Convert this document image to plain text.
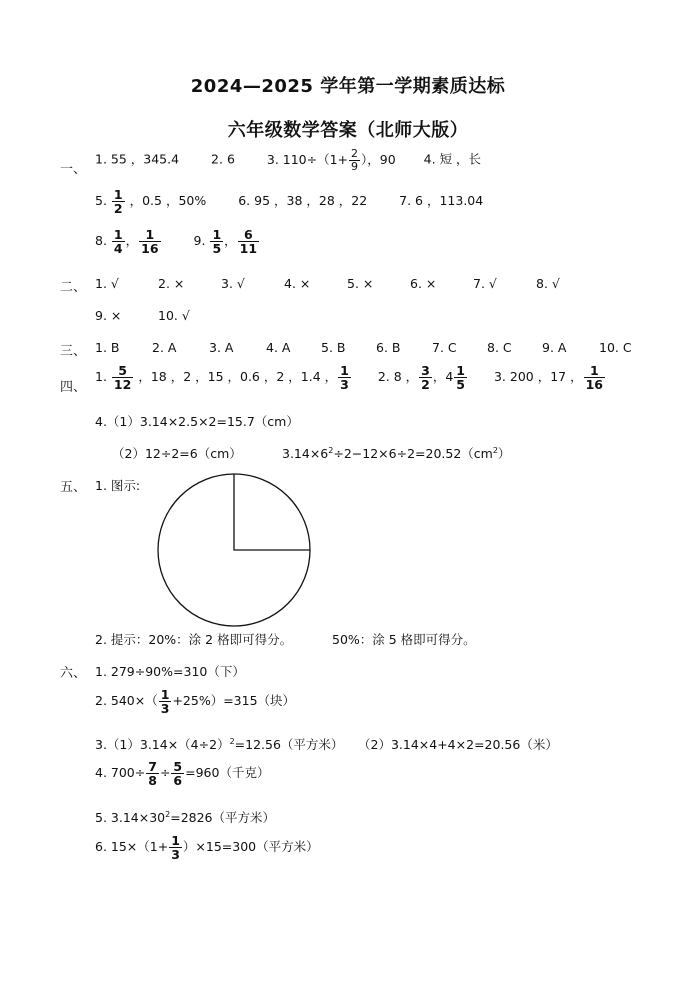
2024—2025 学年第一学期素质达标
六年级数学答案（北师大版）
一、
1. 55 ，345.4	2. 6	3. $110\div(1+ \frac{2}{9}$ ），90 4. 短 ，长
5. $\frac{1}{2}$ ，0.5 ，50%	6. 95 ，38 ，28 ，22	7. 6 ，113.04
8. $\frac{1}{4}$ ， $\frac{1}{16}$	9. $\frac{1}{5}$ ， $\frac{6}{11}$
二、 1. √	2. ×	3. √	4. ×	5. ×	6. ×	7. √	8. √
9. ×	10. √
三、 1. B	2. A	3. A	4. A 5. B 6. B	7. C 8. C 9. A	10. C
四、
1. $\frac{5}{12}$ ，18 ，2 ，15 ，0.6 ，2 ，1.4 ， $\frac{1}{3} 2$. 8 ， $\frac{3}{2}$ ，$4 \frac{1}{5} 3$. 200 ，17 ， $\frac{1}{16}$
4.（1）3.14×2.5×2=15.7（cm）
（2）12÷2=6（cm）	$3.14\times 6^2\div 2-12\times 6\div 2=20.52(cm^2)$
五、 1. 图示:
2. 提示：20%：涂 2 格即可得分。	50%：涂 5 格即可得分。
六、 1. 279÷90%=310（下）
2. $540\times( \frac{1}{3} +25\%)=315$（块）
$3.(1)3.14\times(4\div 2)^2=12.56$（平方米） （2）3.14×4+4×2=20.56（米）
4. $700\div \frac{7}{8} \div \frac{5}{6} =960$（千克）
5. $3.14\times 30^2=2826$（平方米）
6. $15\times(1+ \frac{1}{3} )\times 15=300$（平方米）
